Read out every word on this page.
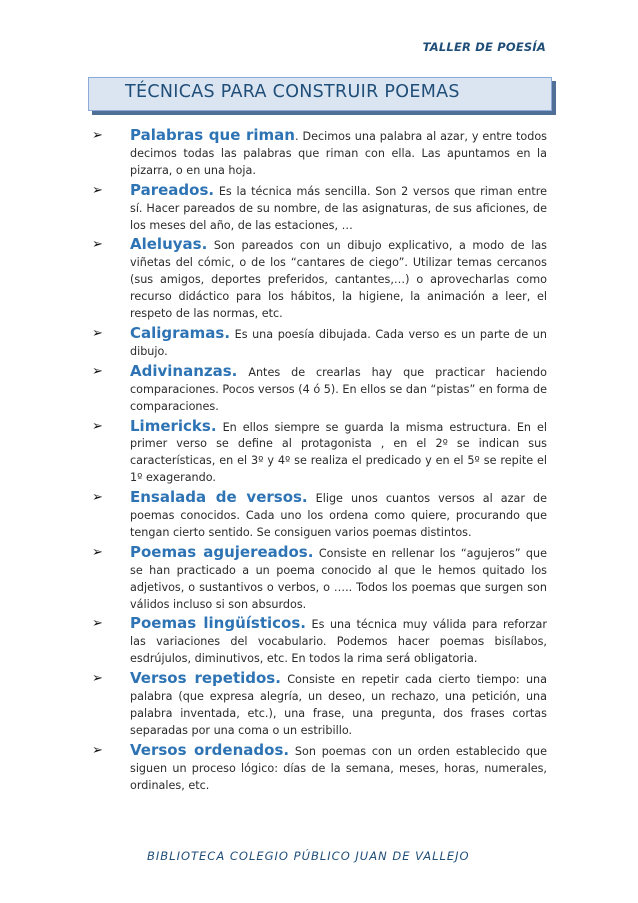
TALLER DE POESÍA
TÉCNICAS PARA CONSTRUIR POEMAS
➢ Palabras que riman. Decimos una palabra al azar, y entre todos decimos todas las palabras que riman con ella. Las apuntamos en la pizarra, o en una hoja.
➢ Pareados. Es la técnica más sencilla. Son 2 versos que riman entre sí. Hacer pareados de su nombre, de las asignaturas, de sus aficiones, de los meses del año, de las estaciones, …
➢ Aleluyas. Son pareados con un dibujo explicativo, a modo de las viñetas del cómic, o de los “cantares de ciego”. Utilizar temas cercanos (sus amigos, deportes preferidos, cantantes,…) o aprovecharlas como recurso didáctico para los hábitos, la higiene, la animación a leer, el respeto de las normas, etc.
➢ Caligramas. Es una poesía dibujada. Cada verso es un parte de un dibujo.
➢ Adivinanzas. Antes de crearlas hay que practicar haciendo comparaciones. Pocos versos (4 ó 5). En ellos se dan “pistas” en forma de comparaciones.
➢ Limericks. En ellos siempre se guarda la misma estructura. En el primer verso se define al protagonista , en el 2º se indican sus características, en el 3º y 4º se realiza el predicado y en el 5º se repite el 1º exagerando.
➢ Ensalada de versos. Elige unos cuantos versos al azar de poemas conocidos. Cada uno los ordena como quiere, procurando que tengan cierto sentido. Se consiguen varios poemas distintos.
➢ Poemas agujereados. Consiste en rellenar los “agujeros” que se han practicado a un poema conocido al que le hemos quitado los adjetivos, o sustantivos o verbos, o ….. Todos los poemas que surgen son válidos incluso si son absurdos.
➢ Poemas lingüísticos. Es una técnica muy válida para reforzar las variaciones del vocabulario. Podemos hacer poemas bisílabos, esdrújulos, diminutivos, etc. En todos la rima será obligatoria.
➢ Versos repetidos. Consiste en repetir cada cierto tiempo: una palabra (que expresa alegría, un deseo, un rechazo, una petición, una palabra inventada, etc.), una frase, una pregunta, dos frases cortas separadas por una coma o un estribillo.
➢ Versos ordenados. Son poemas con un orden establecido que siguen un proceso lógico: días de la semana, meses, horas, numerales, ordinales, etc.
BIBLIOTECA COLEGIO PÚBLICO JUAN DE VALLEJO
